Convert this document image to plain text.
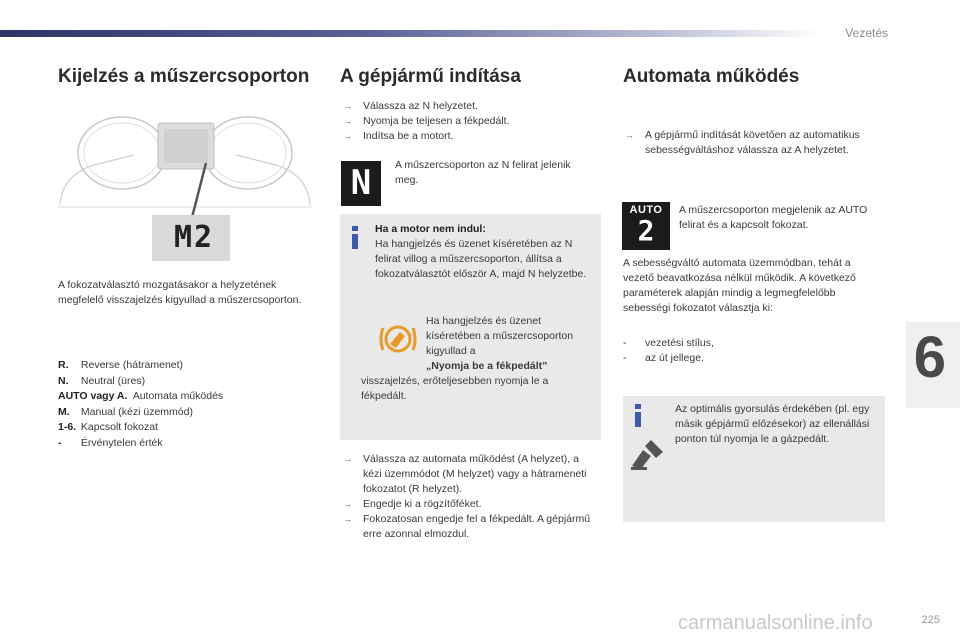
Vezetés
6
Kijelzés a műszercsoporton
M2

A fokozatválasztó mozgatásakor a helyzetének megfelelő visszajelzés kigyullad a műszercsoporton.

R. Reverse (hátramenet)
N. Neutral (üres)
AUTO vagy A. Automata működés
M. Manual (kézi üzemmód)
1-6. Kapcsolt fokozat
- Érvénytelen érték
A gépjármű indítása
→ Válassza az N helyzetet.
→ Nyomja be teljesen a fékpedált.
→ Indítsa be a motort.
N	A műszercsoporton az N felirat jelenik meg.

Ha a motor nem indul:
Ha hangjelzés és üzenet kíséretében az N felirat villog a műszercsoporton, állítsa a fokozatválasztót először A, majd N helyzetbe.

Ha hangjelzés és üzenet kíséretében a műszercsoporton kigyullad a

„Nyomja be a fékpedált”

visszajelzés, erőteljesebben nyomja le a fékpedált.

→ Válassza az automata működést (A helyzet), a kézi üzemmódot (M helyzet) vagy a hátrameneti fokozatot (R helyzet).
→ Engedje ki a rögzítőféket.
→ Fokozatosan engedje fel a fékpedált. A gépjármű erre azonnal elmozdul.
Automata működés
→ A gépjármű indítását követően az automatikus sebességváltáshoz válassza az A helyzetet.
AUTO
2

A műszercsoporton megjelenik az AUTO felirat és a kapcsolt fokozat.

A sebességváltó automata üzemmódban, tehát a vezető beavatkozása nélkül működik. A következő paraméterek alapján mindig a legmegfelelőbb sebességi fokozatot választja ki:

- vezetési stílus,
- az út jellege.

Az optimális gyorsulás érdekében (pl. egy másik gépjármű előzésekor) az ellenállási ponton túl nyomja le a gázpedált.

225
carmanualsonline.info
